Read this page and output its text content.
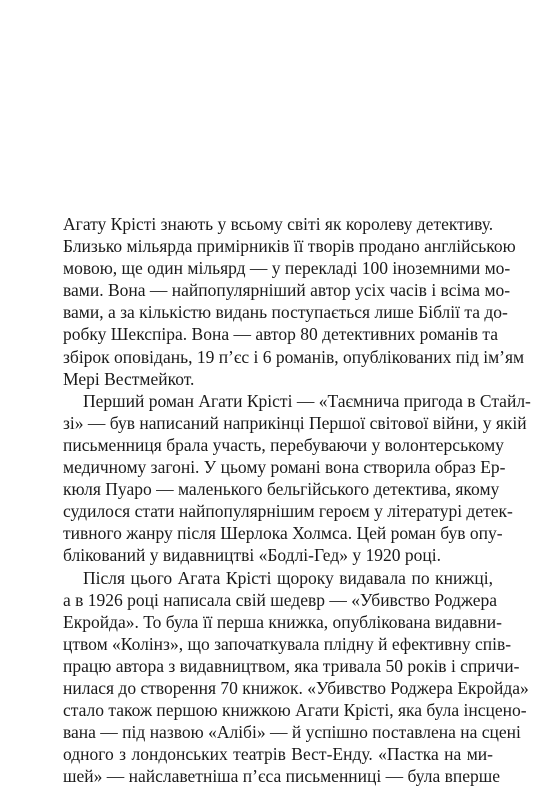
Агату Крісті знають у всьому світі як королеву детективу.
Близько мільярда примірників її творів продано англійською
мовою, ще один мільярд — у перекладі 100 іноземними мо-
вами. Вона — найпопулярніший автор усіх часів і всіма мо-
вами, а за кількістю видань поступається лише Біблії та до-
робку Шекспіра. Вона — автор 80 детективних романів та
збірок оповідань, 19 п’єс і 6 романів, опублікованих під ім’ям
Мері Вестмейкот.
Перший роман Агати Крісті — «Таємнича пригода в Стайл-
зі» — був написаний наприкінці Першої світової війни, у якій
письменниця брала участь, перебуваючи у волонтерському
медичному загоні. У цьому романі вона створила образ Ер-
кюля Пуаро — маленького бельгійського детектива, якому
судилося стати найпопулярнішим героєм у літературі детек-
тивного жанру після Шерлока Холмса. Цей роман був опу-
блікований у видавництві «Бодлі-Гед» у 1920 році.
Після цього Агата Крісті щороку видавала по книжці,
а в 1926 році написала свій шедевр — «Убивство Роджера
Екройда». То була її перша книжка, опублікована видавни-
цтвом «Колінз», що започаткувала плідну й ефективну спів-
працю автора з видавництвом, яка тривала 50 років і спричи-
нилася до створення 70 книжок. «Убивство Роджера Екройда»
стало також першою книжкою Агати Крісті, яка була інсцено-
вана — під назвою «Алібі» — й успішно поставлена на сцені
одного з лондонських театрів Вест-Енду. «Пастка на ми-
шей» — найславетніша п’єса письменниці — була вперше
